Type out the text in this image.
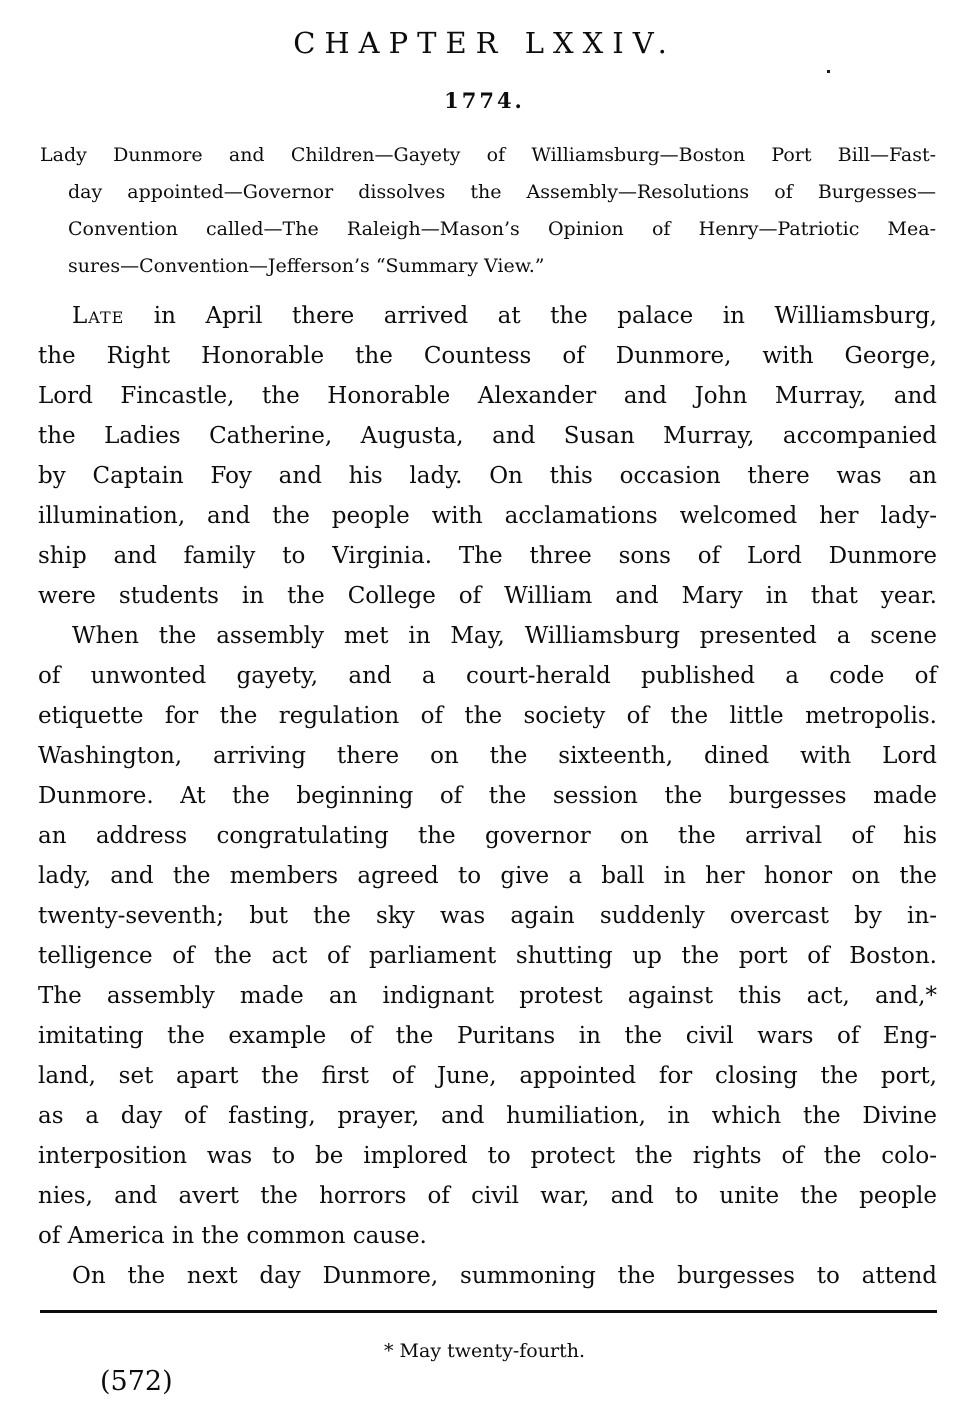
CHAPTER LXXIV.
1774.
Lady Dunmore and Children—Gayety of Williamsburg—Boston Port Bill—Fast-
day appointed—Governor dissolves the Assembly—Resolutions of Burgesses—
Convention called—The Raleigh—Mason’s Opinion of Henry—Patriotic Mea-
sures—Convention—Jefferson’s “Summary View.”
Late in April there arrived at the palace in Williamsburg,
the Right Honorable the Countess of Dunmore, with George,
Lord Fincastle, the Honorable Alexander and John Murray, and
the Ladies Catherine, Augusta, and Susan Murray, accompanied
by Captain Foy and his lady. On this occasion there was an
illumination, and the people with acclamations welcomed her lady-
ship and family to Virginia. The three sons of Lord Dunmore
were students in the College of William and Mary in that year.
When the assembly met in May, Williamsburg presented a scene
of unwonted gayety, and a court-herald published a code of
etiquette for the regulation of the society of the little metropolis.
Washington, arriving there on the sixteenth, dined with Lord
Dunmore. At the beginning of the session the burgesses made
an address congratulating the governor on the arrival of his
lady, and the members agreed to give a ball in her honor on the
twenty-seventh; but the sky was again suddenly overcast by in-
telligence of the act of parliament shutting up the port of Boston.
The assembly made an indignant protest against this act, and,*
imitating the example of the Puritans in the civil wars of Eng-
land, set apart the first of June, appointed for closing the port,
as a day of fasting, prayer, and humiliation, in which the Divine
interposition was to be implored to protect the rights of the colo-
nies, and avert the horrors of civil war, and to unite the people
of America in the common cause.
On the next day Dunmore, summoning the burgesses to attend
* May twenty-fourth.
(572)
